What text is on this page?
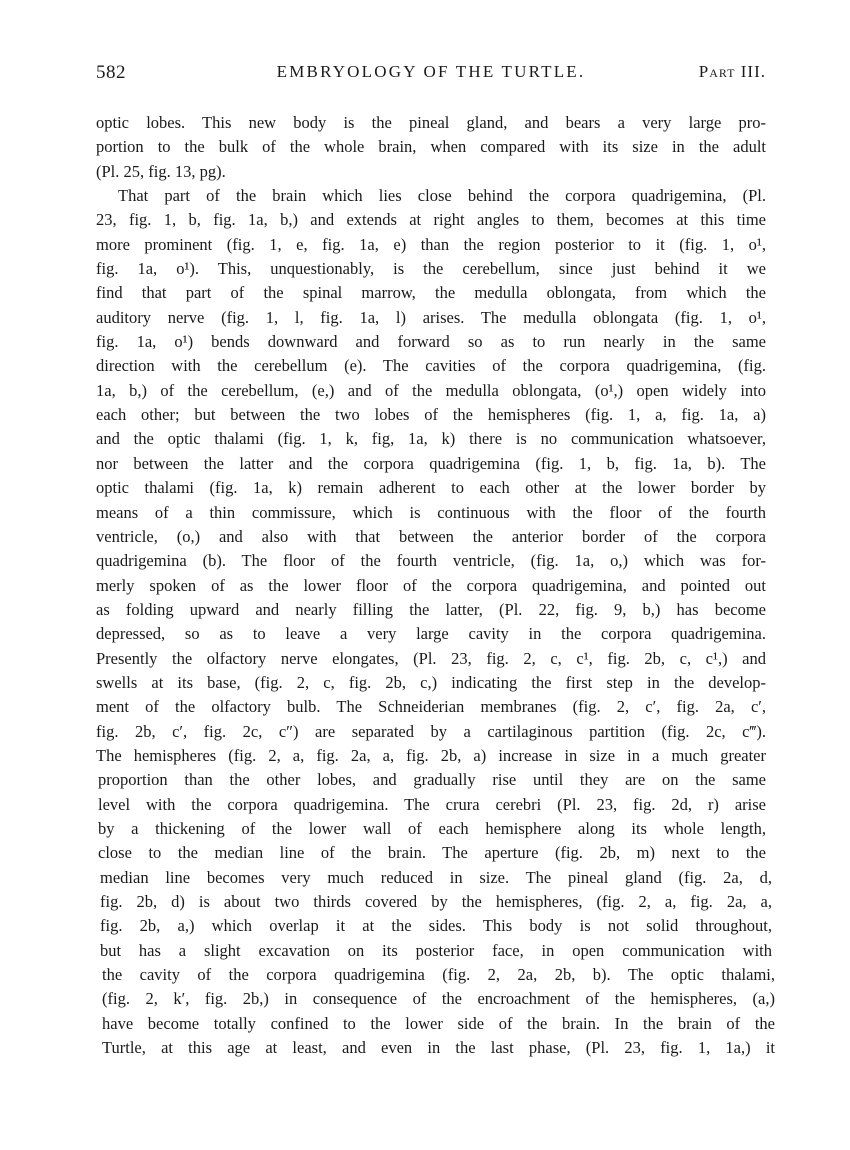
582	EMBRYOLOGY OF THE TURTLE.	Part III.
optic lobes. This new body is the pineal gland, and bears a very large pro-
portion to the bulk of the whole brain, when compared with its size in the adult
(Pl. 25, fig. 13, pg).
That part of the brain which lies close behind the corpora quadrigemina, (Pl.
23, fig. 1, b, fig. 1a, b,) and extends at right angles to them, becomes at this time
more prominent (fig. 1, e, fig. 1a, e) than the region posterior to it (fig. 1, o¹,
fig. 1a, o¹). This, unquestionably, is the cerebellum, since just behind it we
find that part of the spinal marrow, the medulla oblongata, from which the
auditory nerve (fig. 1, l, fig. 1a, l) arises. The medulla oblongata (fig. 1, o¹,
fig. 1a, o¹) bends downward and forward so as to run nearly in the same
direction with the cerebellum (e). The cavities of the corpora quadrigemina, (fig.
1a, b,) of the cerebellum, (e,) and of the medulla oblongata, (o¹,) open widely into
each other; but between the two lobes of the hemispheres (fig. 1, a, fig. 1a, a)
and the optic thalami (fig. 1, k, fig, 1a, k) there is no communication whatsoever,
nor between the latter and the corpora quadrigemina (fig. 1, b, fig. 1a, b). The
optic thalami (fig. 1a, k) remain adherent to each other at the lower border by
means of a thin commissure, which is continuous with the floor of the fourth
ventricle, (o,) and also with that between the anterior border of the corpora
quadrigemina (b). The floor of the fourth ventricle, (fig. 1a, o,) which was for-
merly spoken of as the lower floor of the corpora quadrigemina, and pointed out
as folding upward and nearly filling the latter, (Pl. 22, fig. 9, b,) has become
depressed, so as to leave a very large cavity in the corpora quadrigemina.
Presently the olfactory nerve elongates, (Pl. 23, fig. 2, c, c¹, fig. 2b, c, c¹,) and
swells at its base, (fig. 2, c, fig. 2b, c,) indicating the first step in the develop-
ment of the olfactory bulb. The Schneiderian membranes (fig. 2, c′, fig. 2a, c′,
fig. 2b, c′, fig. 2c, c″) are separated by a cartilaginous partition (fig. 2c, c‴).
The hemispheres (fig. 2, a, fig. 2a, a, fig. 2b, a) increase in size in a much greater
proportion than the other lobes, and gradually rise until they are on the same
level with the corpora quadrigemina. The crura cerebri (Pl. 23, fig. 2d, r) arise
by a thickening of the lower wall of each hemisphere along its whole length,
close to the median line of the brain. The aperture (fig. 2b, m) next to the
median line becomes very much reduced in size. The pineal gland (fig. 2a, d,
fig. 2b, d) is about two thirds covered by the hemispheres, (fig. 2, a, fig. 2a, a,
fig. 2b, a,) which overlap it at the sides. This body is not solid throughout,
but has a slight excavation on its posterior face, in open communication with
the cavity of the corpora quadrigemina (fig. 2, 2a, 2b, b). The optic thalami,
(fig. 2, k′, fig. 2b,) in consequence of the encroachment of the hemispheres, (a,)
have become totally confined to the lower side of the brain. In the brain of the
Turtle, at this age at least, and even in the last phase, (Pl. 23, fig. 1, 1a,) it
